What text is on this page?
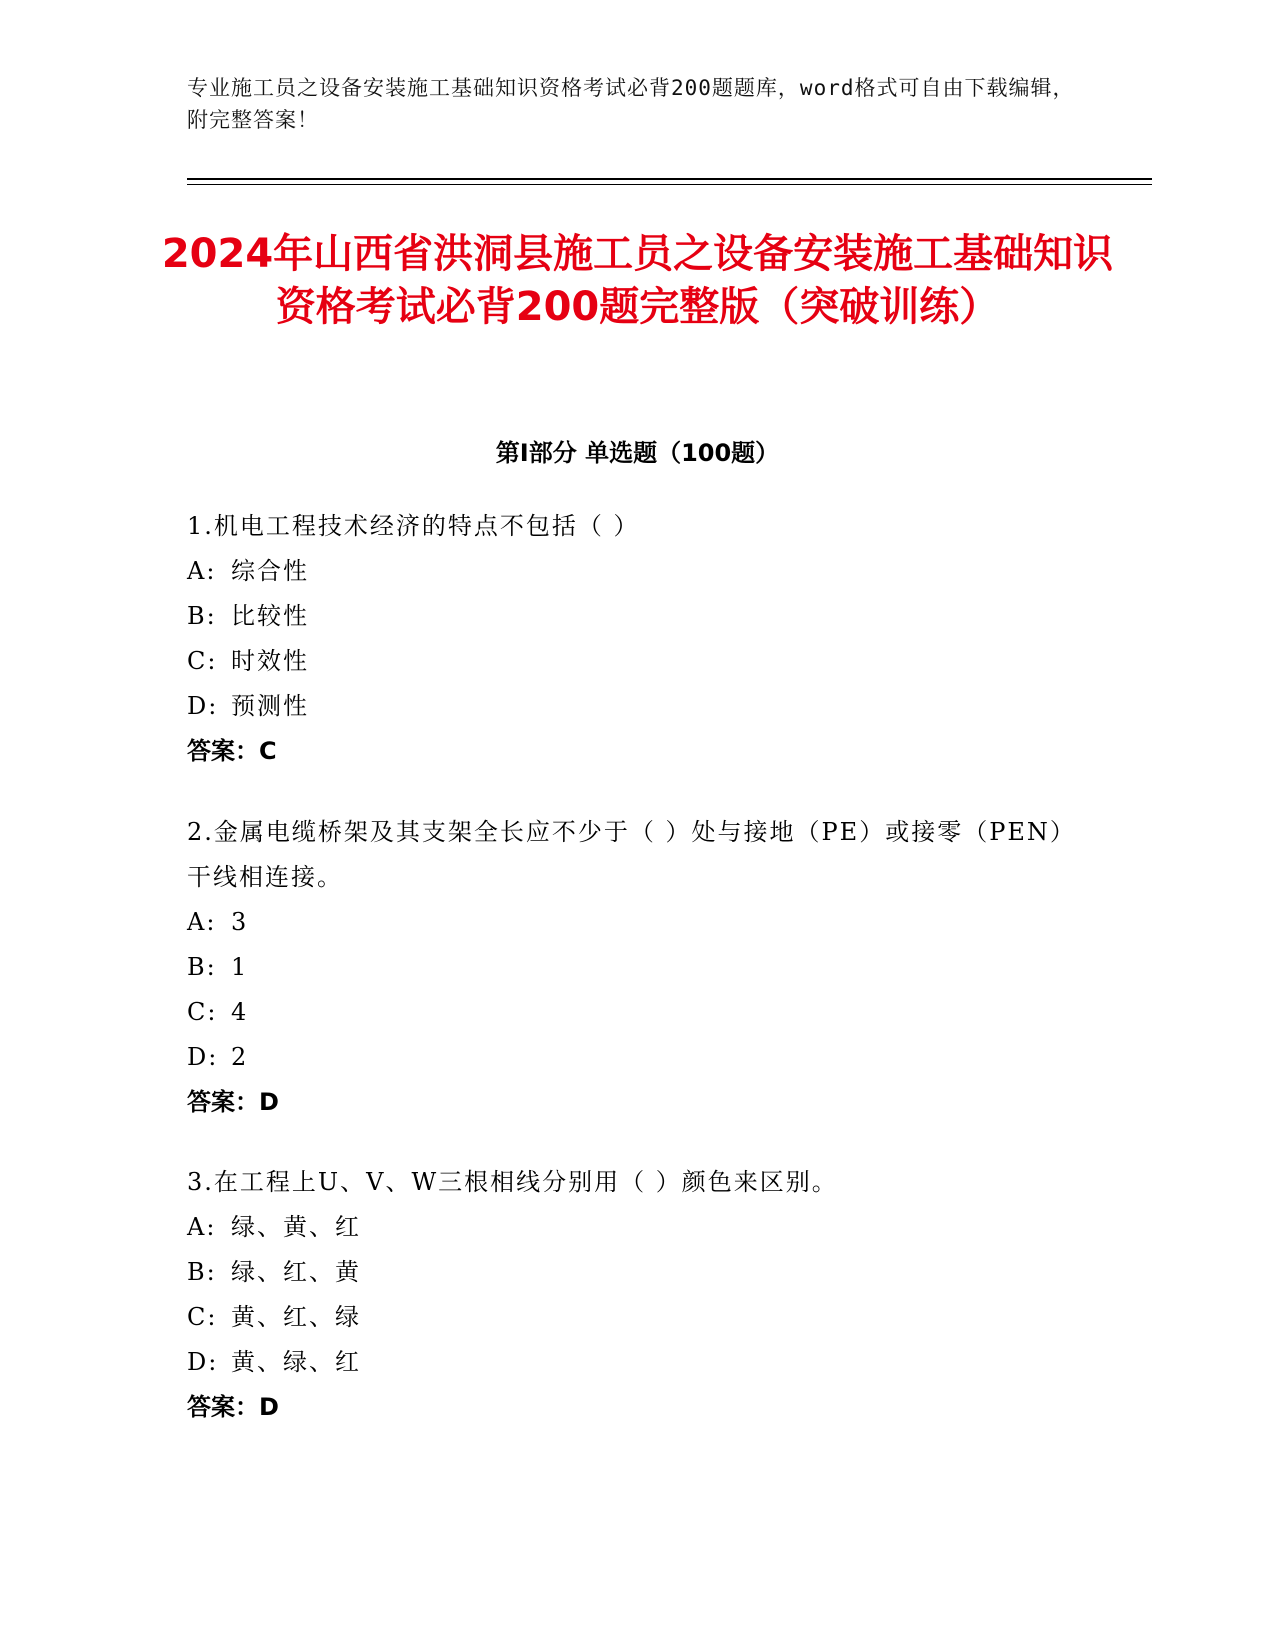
专业施工员之设备安装施工基础知识资格考试必背200题题库，word格式可自由下载编辑，附完整答案！
2024年山西省洪洞县施工员之设备安装施工基础知识资格考试必背200题完整版（突破训练）
第Ⅰ部分 单选题（100题）
1.机电工程技术经济的特点不包括（ ）
A: 综合性
B: 比较性
C: 时效性
D: 预测性
答案：C
2.金属电缆桥架及其支架全长应不少于（ ）处与接地（PE）或接零（PEN）干线相连接。
A: 3
B: 1
C: 4
D: 2
答案：D
3.在工程上U、V、W三根相线分别用（ ）颜色来区别。
A: 绿、黄、红
B: 绿、红、黄
C: 黄、红、绿
D: 黄、绿、红
答案：D
